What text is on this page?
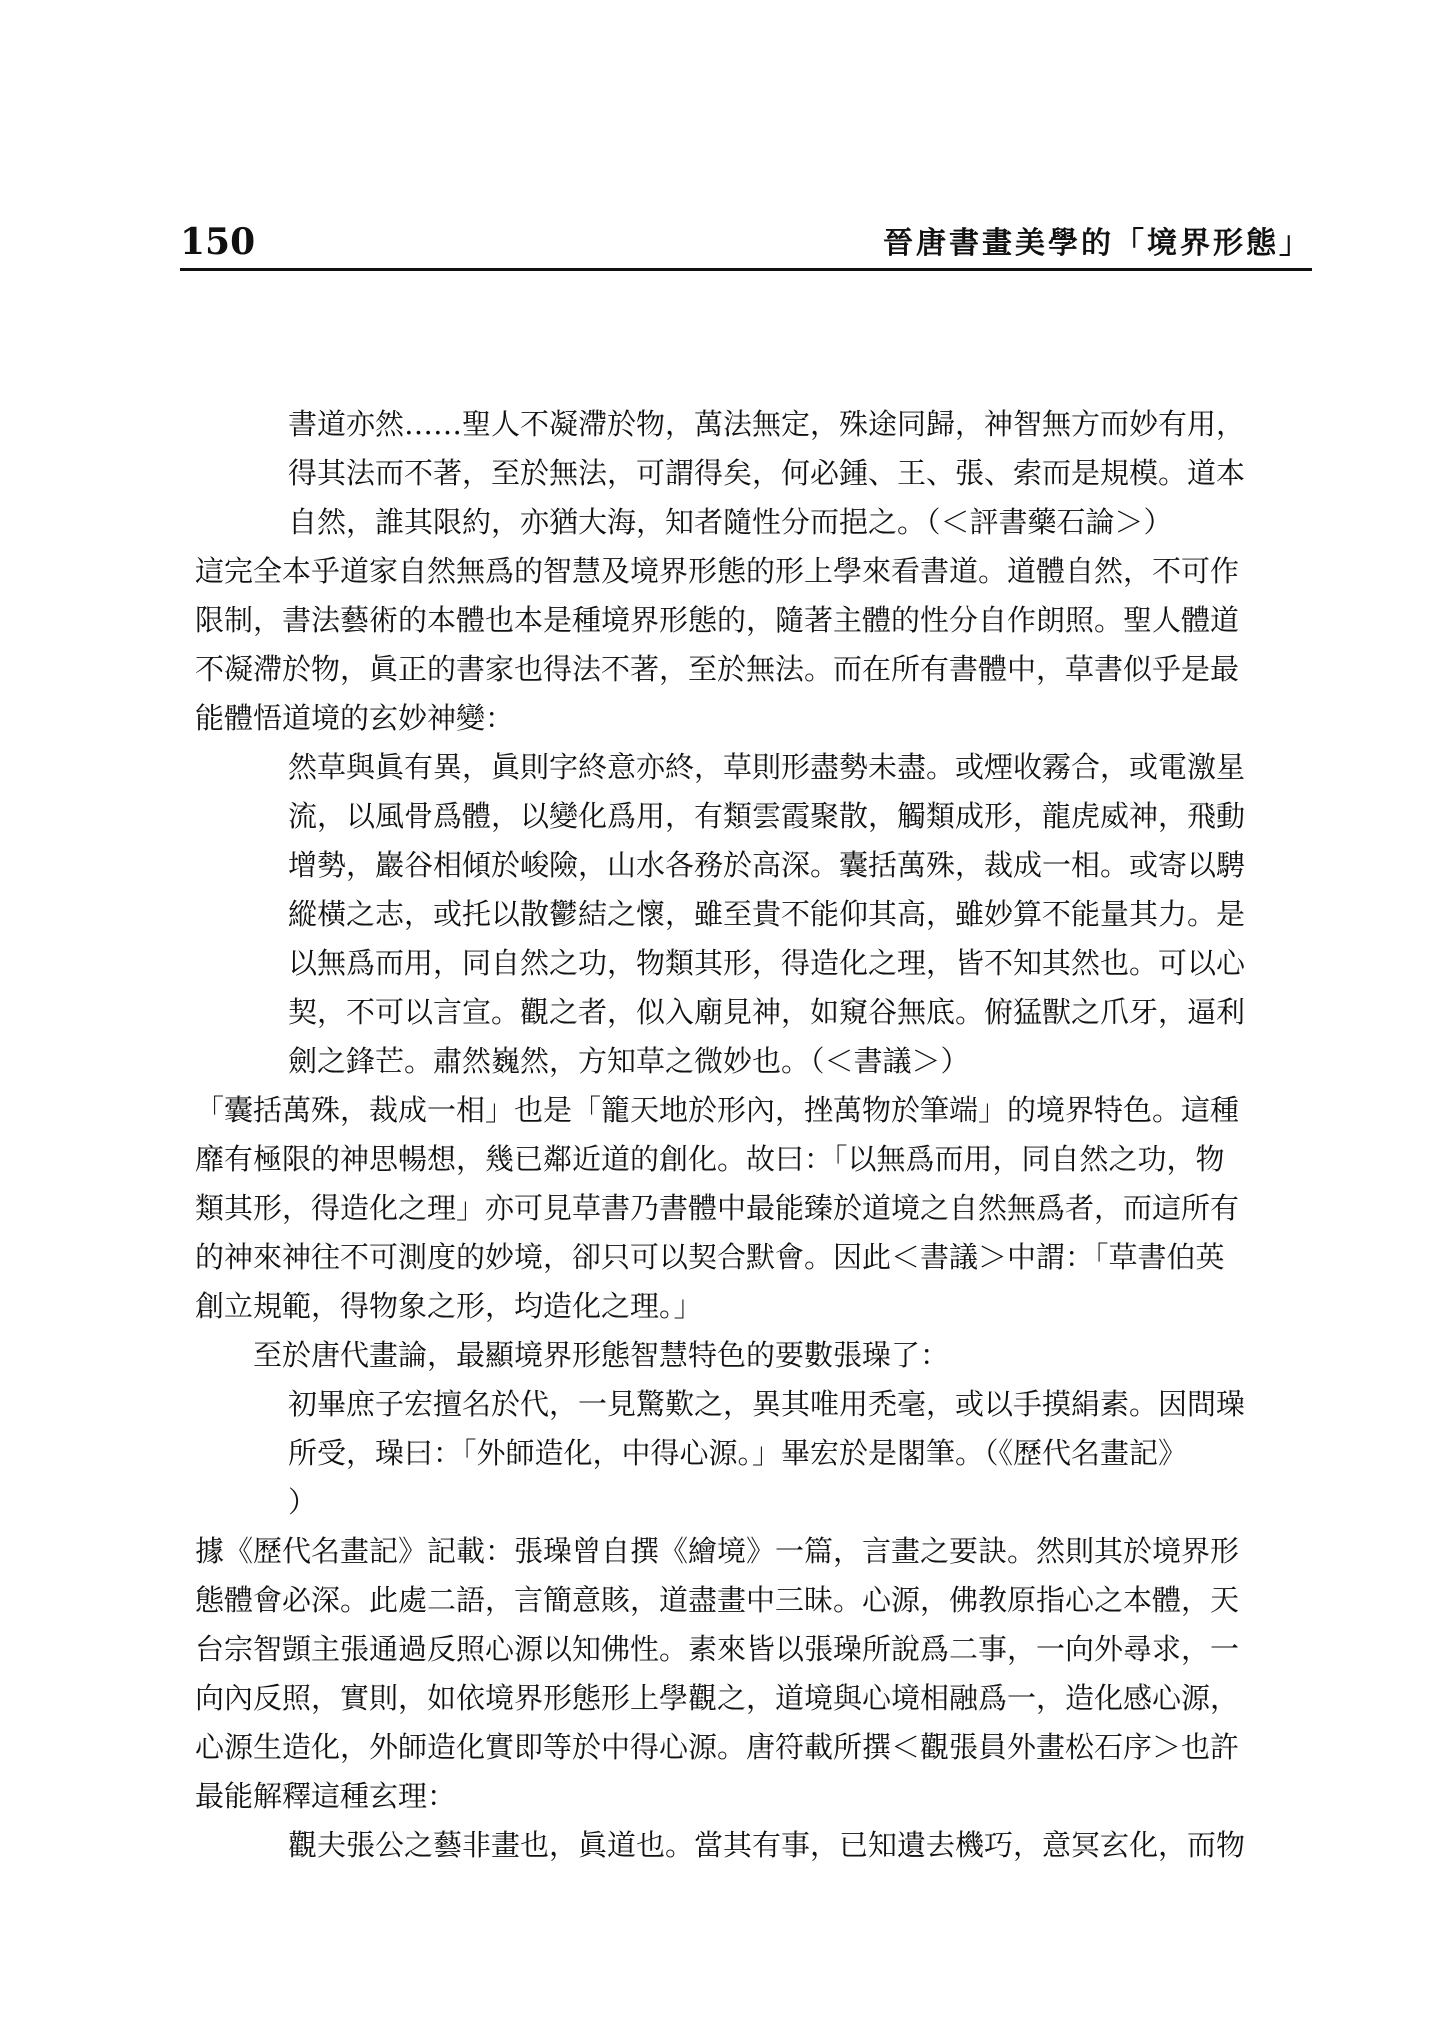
150	晉唐書畫美學的「境界形態」
書道亦然……聖人不凝滯於物，萬法無定，殊途同歸，神智無方而妙有用，
得其法而不著，至於無法，可謂得矣，何必鍾、王、張、索而是規模。道本
自然，誰其限約，亦猶大海，知者隨性分而挹之。（＜評書藥石論＞）
這完全本乎道家自然無爲的智慧及境界形態的形上學來看書道。道體自然，不可作
限制，書法藝術的本體也本是種境界形態的，隨著主體的性分自作朗照。聖人體道
不凝滯於物，眞正的書家也得法不著，至於無法。而在所有書體中，草書似乎是最
能體悟道境的玄妙神變：
然草與眞有異，眞則字終意亦終，草則形盡勢未盡。或煙收霧合，或電激星
流，以風骨爲體，以變化爲用，有類雲霞聚散，觸類成形，龍虎威神，飛動
增勢，巖谷相傾於峻險，山水各務於高深。囊括萬殊，裁成一相。或寄以騁
縱橫之志，或托以散鬱結之懷，雖至貴不能仰其高，雖妙算不能量其力。是
以無爲而用，同自然之功，物類其形，得造化之理，皆不知其然也。可以心
契，不可以言宣。觀之者，似入廟見神，如窺谷無底。俯猛獸之爪牙，逼利
劍之鋒芒。肅然巍然，方知草之微妙也。（＜書議＞）
「囊括萬殊，裁成一相」也是「籠天地於形內，挫萬物於筆端」的境界特色。這種
靡有極限的神思暢想，幾已鄰近道的創化。故曰：「以無爲而用，同自然之功，物
類其形，得造化之理」亦可見草書乃書體中最能臻於道境之自然無爲者，而這所有
的神來神往不可測度的妙境，卻只可以契合默會。因此＜書議＞中謂：「草書伯英
創立規範，得物象之形，均造化之理。」
至於唐代畫論，最顯境界形態智慧特色的要數張璪了：
初畢庶子宏擅名於代，一見驚歎之，異其唯用禿毫，或以手摸絹素。因問璪
所受，璪曰：「外師造化，中得心源。」畢宏於是閣筆。（《歷代名畫記》
）
據《歷代名畫記》記載：張璪曾自撰《繪境》一篇，言畫之要訣。然則其於境界形
態體會必深。此處二語，言簡意賅，道盡畫中三昧。心源，佛教原指心之本體，天
台宗智顗主張通過反照心源以知佛性。素來皆以張璪所說爲二事，一向外尋求，一
向內反照，實則，如依境界形態形上學觀之，道境與心境相融爲一，造化感心源，
心源生造化，外師造化實即等於中得心源。唐符載所撰＜觀張員外畫松石序＞也許
最能解釋這種玄理：
觀夫張公之藝非畫也，眞道也。當其有事，已知遺去機巧，意冥玄化，而物
